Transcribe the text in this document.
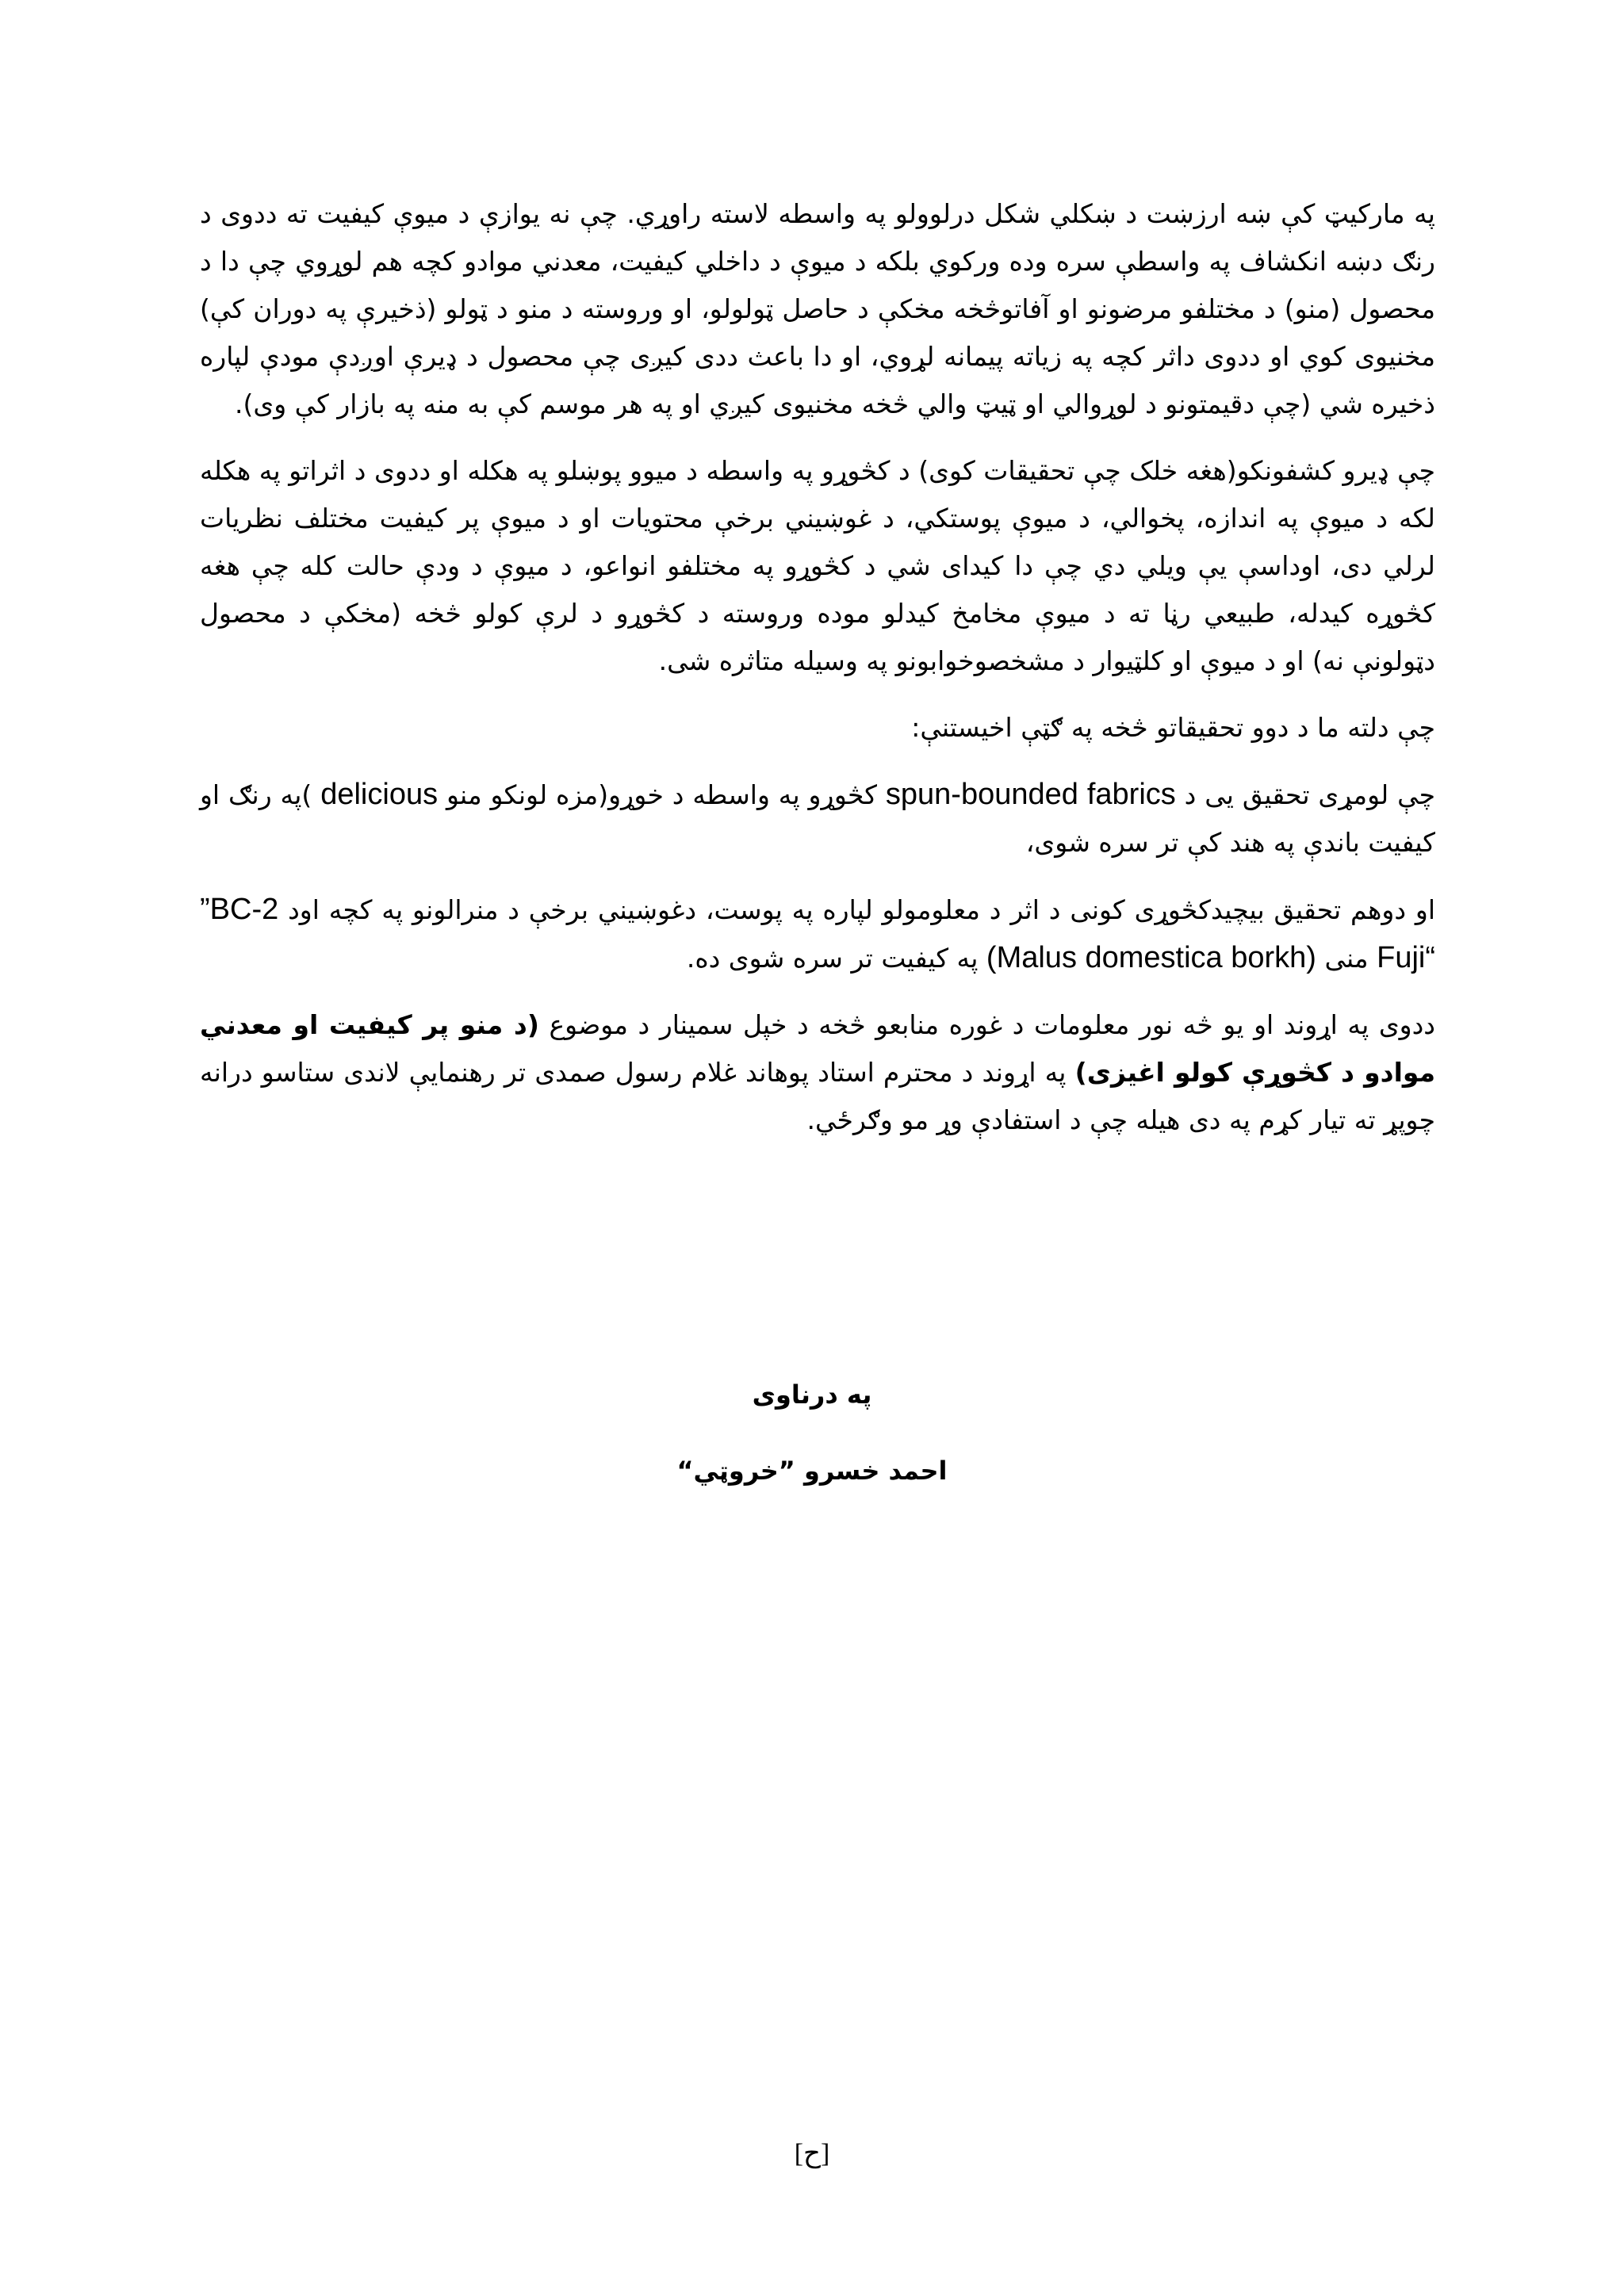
په مارکيټ کې ښه ارزښت د ښکلي شکل درلوولو په واسطه لاسته راوړي. چې نه يوازې د ميوې کيفيت ته ددوى د رنګ دښه انکشاف په واسطې سره وده ورکوي بلکه د ميوې د داخلي کيفيت، معدني موادو کچه هم لوړوي چې دا د محصول (منو) د مختلفو مرضونو او آفاتوڅخه مخکې د حاصل ټولولو، او وروسته د منو د ټولو (ذخيرې په دوران کې) مخنيوى کوي او ددوى داثر کچه په زياته پيمانه لړوي، او دا باعث ددى کيږى چې محصول د ډيرې اوږدې مودې لپاره ذخيره شي (چې دقيمتونو د لوړوالي او ټيټ والي څخه مخنيوى کيږي او په هر موسم کې به منه په بازار کې وى).

چې ډيرو کشفونکو(هغه خلک چې تحقيقات کوى) د کڅوړو په واسطه د ميوو پوښلو په هکله او ددوى د اثراتو په هکله لکه د ميوې په اندازه، پخوالي، د ميوې پوستکي، د غوښيني برخې محتويات او د ميوې پر کيفيت مختلف نظريات لرلي دى، اوداسې يې ويلي دي چې دا کيداى شي د کڅوړو په مختلفو انواعو، د ميوې د ودې حالت کله چې هغه کڅوړه کيدله، طبيعي رڼا ته د ميوې مخامخ کيدلو موده وروسته د کڅوړو د لرې کولو څخه (مخکې د محصول دټولونې نه) او د ميوې او کلټيوار د مشخصوخوابونو په وسيله متاثره شى.

چې دلته ما د دوو تحقيقاتو څخه په ګټې اخيستنې:

چې لومړى تحقيق يى د spun-bounded fabrics کڅوړو په واسطه د خوړو(مزه لونکو منو delicious )په رنګ او کيفيت باندې په هند کې تر سره شوى،

او دوهم تحقيق بيچيدکڅوړى کونى د اثر د معلومولو لپاره په پوست، دغوښيني برخې د منرالونو په کچه اود ”BC-2 Fuji“ منى (Malus domestica borkh) په کيفيت تر سره شوى ده.

ددوى په اړوند او يو څه نور معلومات د غوره منابعو څخه د خپل سمينار د موضوع (د منو پر کيفيت او معدني موادو د کڅوړې کولو اغيزى) په اړوند د محترم استاد پوهاند غلام رسول صمدى تر رهنمايې لاندى ستاسو درانه چوپړ ته تيار کړم په دى هيله چې د استفادې وړ مو وګرځي.

په درناوى
احمد خسرو ”خروټي“
[ح]
